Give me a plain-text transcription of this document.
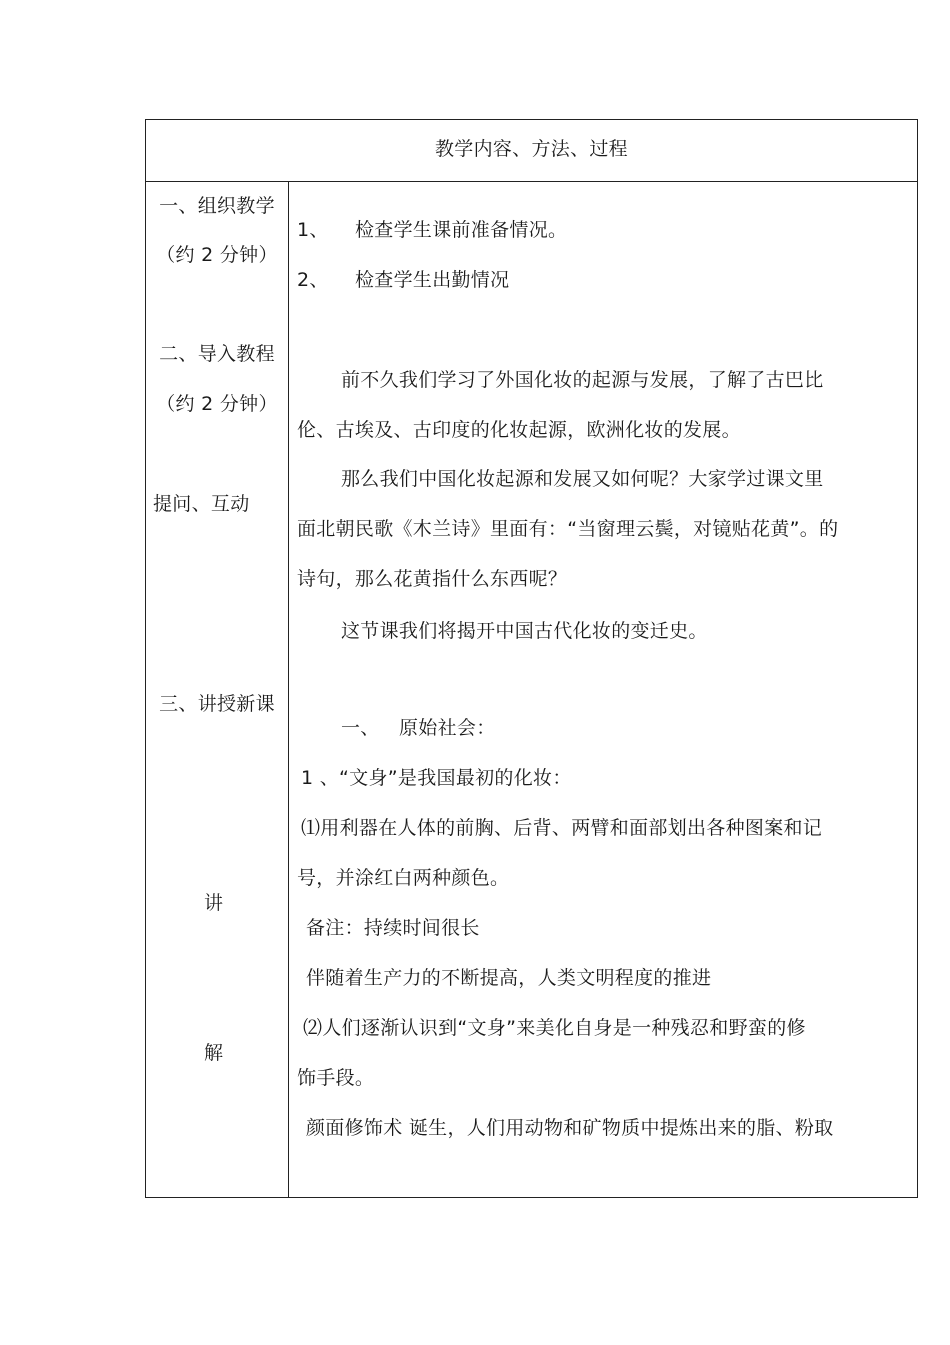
教学内容、方法、过程
一、组织教学
（约 2 分钟）
二、导入教程
（约 2 分钟）
提问、互动
三、讲授新课
讲
解
1、 检查学生课前准备情况。
2、 检查学生出勤情况
前不久我们学习了外国化妆的起源与发展，了解了古巴比
伦、古埃及、古印度的化妆起源，欧洲化妆的发展。
那么我们中国化妆起源和发展又如何呢？大家学过课文里
面北朝民歌《木兰诗》里面有：“当窗理云鬓，对镜贴花黄”。的
诗句，那么花黄指什么东西呢？
这节课我们将揭开中国古代化妆的变迁史。
一、 原始社会：
1 、“文身”是我国最初的化妆：
⑴用利器在人体的前胸、后背、两臂和面部划出各种图案和记
号，并涂红白两种颜色。
备注：持续时间很长
伴随着生产力的不断提高，人类文明程度的推进
⑵人们逐渐认识到“文身”来美化自身是一种残忍和野蛮的修
饰手段。
颜面修饰术 诞生，人们用动物和矿物质中提炼出来的脂、粉取
